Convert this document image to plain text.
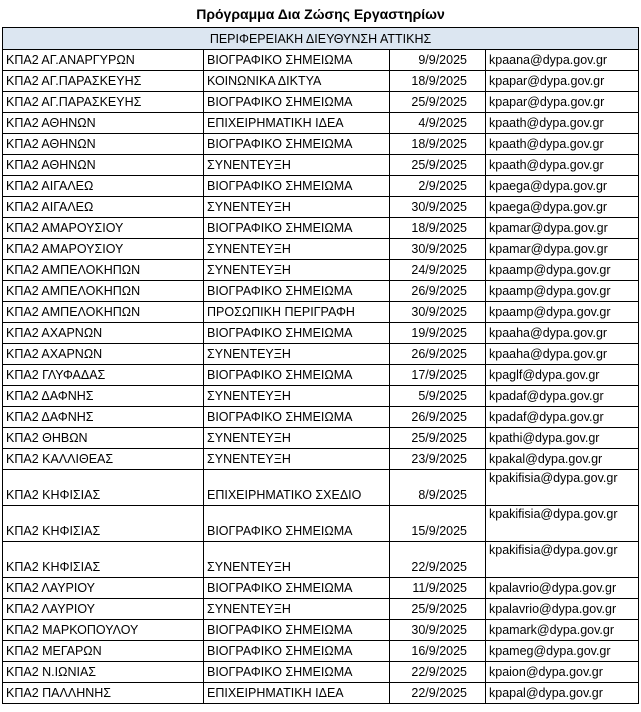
Πρόγραμμα Δια Ζώσης Εργαστηρίων
ΠΕΡΙΦΕΡΕΙΑΚΗ ΔΙΕΥΘΥΝΣΗ ΑΤΤΙΚΗΣ			
ΚΠΑ2 ΑΓ.ΑΝΑΡΓΥΡΩΝ	ΒΙΟΓΡΑΦΙΚΟ ΣΗΜΕΙΩΜΑ	9/9/2025	kpaana@dypa.gov.gr
ΚΠΑ2 ΑΓ.ΠΑΡΑΣΚΕΥΗΣ	ΚΟΙΝΩΝΙΚΑ ΔΙΚΤΥΑ	18/9/2025	kpapar@dypa.gov.gr
ΚΠΑ2 ΑΓ.ΠΑΡΑΣΚΕΥΗΣ	ΒΙΟΓΡΑΦΙΚΟ ΣΗΜΕΙΩΜΑ	25/9/2025	kpapar@dypa.gov.gr
ΚΠΑ2 ΑΘΗΝΩΝ	ΕΠΙΧΕΙΡΗΜΑΤΙΚΗ ΙΔΕΑ	4/9/2025	kpaath@dypa.gov.gr
ΚΠΑ2 ΑΘΗΝΩΝ	ΒΙΟΓΡΑΦΙΚΟ ΣΗΜΕΙΩΜΑ	18/9/2025	kpaath@dypa.gov.gr
ΚΠΑ2 ΑΘΗΝΩΝ	ΣΥΝΕΝΤΕΥΞΗ	25/9/2025	kpaath@dypa.gov.gr
ΚΠΑ2 ΑΙΓΑΛΕΩ	ΒΙΟΓΡΑΦΙΚΟ ΣΗΜΕΙΩΜΑ	2/9/2025	kpaega@dypa.gov.gr
ΚΠΑ2 ΑΙΓΑΛΕΩ	ΣΥΝΕΝΤΕΥΞΗ	30/9/2025	kpaega@dypa.gov.gr
ΚΠΑ2 ΑΜΑΡΟΥΣΙΟΥ	ΒΙΟΓΡΑΦΙΚΟ ΣΗΜΕΙΩΜΑ	18/9/2025	kpamar@dypa.gov.gr
ΚΠΑ2 ΑΜΑΡΟΥΣΙΟΥ	ΣΥΝΕΝΤΕΥΞΗ	30/9/2025	kpamar@dypa.gov.gr
ΚΠΑ2 ΑΜΠΕΛΟΚΗΠΩΝ	ΣΥΝΕΝΤΕΥΞΗ	24/9/2025	kpaamp@dypa.gov.gr
ΚΠΑ2 ΑΜΠΕΛΟΚΗΠΩΝ	ΒΙΟΓΡΑΦΙΚΟ ΣΗΜΕΙΩΜΑ	26/9/2025	kpaamp@dypa.gov.gr
ΚΠΑ2 ΑΜΠΕΛΟΚΗΠΩΝ	ΠΡΟΣΩΠΙΚΗ ΠΕΡΙΓΡΑΦΗ	30/9/2025	kpaamp@dypa.gov.gr
ΚΠΑ2 ΑΧΑΡΝΩΝ	ΒΙΟΓΡΑΦΙΚΟ ΣΗΜΕΙΩΜΑ	19/9/2025	kpaaha@dypa.gov.gr
ΚΠΑ2 ΑΧΑΡΝΩΝ	ΣΥΝΕΝΤΕΥΞΗ	26/9/2025	kpaaha@dypa.gov.gr
ΚΠΑ2 ΓΛΥΦΑΔΑΣ	ΒΙΟΓΡΑΦΙΚΟ ΣΗΜΕΙΩΜΑ	17/9/2025	kpaglf@dypa.gov.gr
ΚΠΑ2 ΔΑΦΝΗΣ	ΣΥΝΕΝΤΕΥΞΗ	5/9/2025	kpadaf@dypa.gov.gr
ΚΠΑ2 ΔΑΦΝΗΣ	ΒΙΟΓΡΑΦΙΚΟ ΣΗΜΕΙΩΜΑ	26/9/2025	kpadaf@dypa.gov.gr
ΚΠΑ2 ΘΗΒΩΝ	ΣΥΝΕΝΤΕΥΞΗ	25/9/2025	kpathi@dypa.gov.gr
ΚΠΑ2 ΚΑΛΛΙΘΕΑΣ	ΣΥΝΕΝΤΕΥΞΗ	23/9/2025	kpakal@dypa.gov.gr
ΚΠΑ2 ΚΗΦΙΣΙΑΣ	ΕΠΙΧΕΙΡΗΜΑΤΙΚΟ ΣΧΕΔΙΟ	8/9/2025	kpakifisia@dypa.gov.gr
ΚΠΑ2 ΚΗΦΙΣΙΑΣ	ΒΙΟΓΡΑΦΙΚΟ ΣΗΜΕΙΩΜΑ	15/9/2025	kpakifisia@dypa.gov.gr
ΚΠΑ2 ΚΗΦΙΣΙΑΣ	ΣΥΝΕΝΤΕΥΞΗ	22/9/2025	kpakifisia@dypa.gov.gr
ΚΠΑ2 ΛΑΥΡΙΟΥ	ΒΙΟΓΡΑΦΙΚΟ ΣΗΜΕΙΩΜΑ	11/9/2025	kpalavrio@dypa.gov.gr
ΚΠΑ2 ΛΑΥΡΙΟΥ	ΣΥΝΕΝΤΕΥΞΗ	25/9/2025	kpalavrio@dypa.gov.gr
ΚΠΑ2 ΜΑΡΚΟΠΟΥΛΟΥ	ΒΙΟΓΡΑΦΙΚΟ ΣΗΜΕΙΩΜΑ	30/9/2025	kpamark@dypa.gov.gr
ΚΠΑ2 ΜΕΓΑΡΩΝ	ΒΙΟΓΡΑΦΙΚΟ ΣΗΜΕΙΩΜΑ	16/9/2025	kpameg@dypa.gov.gr
ΚΠΑ2 Ν.ΙΩΝΙΑΣ	ΒΙΟΓΡΑΦΙΚΟ ΣΗΜΕΙΩΜΑ	22/9/2025	kpaion@dypa.gov.gr
ΚΠΑ2 ΠΑΛΛΗΝΗΣ	ΕΠΙΧΕΙΡΗΜΑΤΙΚΗ ΙΔΕΑ	22/9/2025	kpapal@dypa.gov.gr
